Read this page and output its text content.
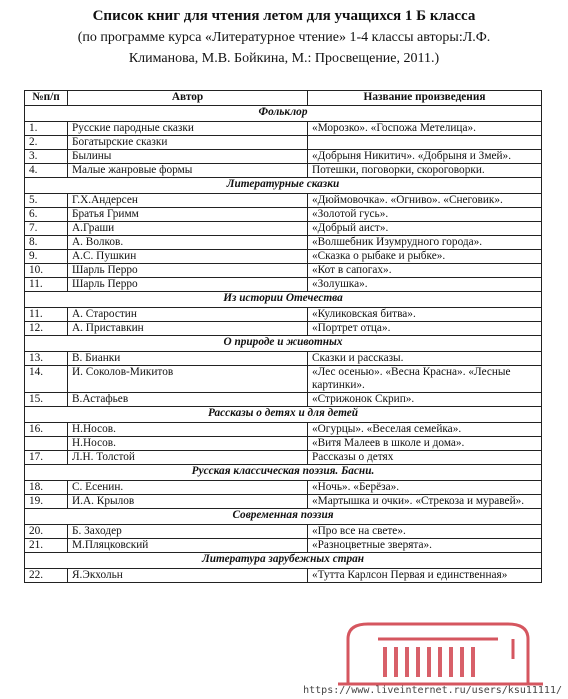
Список книг для чтения летом для учащихся 1 Б класса
(по программе курса «Литературное чтение» 1-4 классы авторы:Л.Ф.
Климанова, М.В. Бойкина, М.: Просвещение, 2011.)
№п/п	Автор	Название произведения
Фольклор		
1.	Русские пародные сказки	«Морозко». «Госпожа Метелица».
2.	Богатырские сказки	
3.	Былины	«Добрыня Никитич». «Добрыня и Змей».
4.	Малые жанровые формы	Потешки, поговорки, скороговорки.
Литературные сказки		
5.	Г.Х.Андерсен	«Дюймовочка». «Огниво». «Снеговик».
6.	Братья Гримм	«Золотой гусь».
7.	А.Граши	«Добрый аист».
8.	А. Волков.	«Волшебник Изумрудного города».
9.	А.С. Пушкин	«Сказка о рыбаке и рыбке».
10.	Шарль Перро	«Кот в сапогах».
11.	Шарль Перро	«Золушка».
Из истории Отечества		
11.	А. Старостин	«Куликовская битва».
12.	А. Приставкин	«Портрет отца».
О природе и животных		
13.	В. Бианки	Сказки и рассказы.
14.	И. Соколов-Микитов	«Лес осенью». «Весна Красна». «Лесные картинки».
15.	В.Астафьев	«Стрижонок Скрип».
Рассказы о детях и для детей		
16.	Н.Носов.	«Огурцы». «Веселая семейка».
	Н.Носов.	«Витя Малеев в школе и дома».
17.	Л.Н. Толстой	Рассказы о детях
Русская классическая поэзия. Басни.		
18.	С. Есенин.	«Ночь». «Берёза».
19.	И.А. Крылов	«Мартышка и очки». «Стрекоза и муравей».
Современная поэзия		
20.	Б. Заходер	«Про все на свете».
21.	М.Пляцковский	«Разноцветные зверята».
Литература зарубежных стран		
22.	Я.Экхольн	«Тутта Карлсон Первая и единственная»
https://www.liveinternet.ru/users/ksu11111/
